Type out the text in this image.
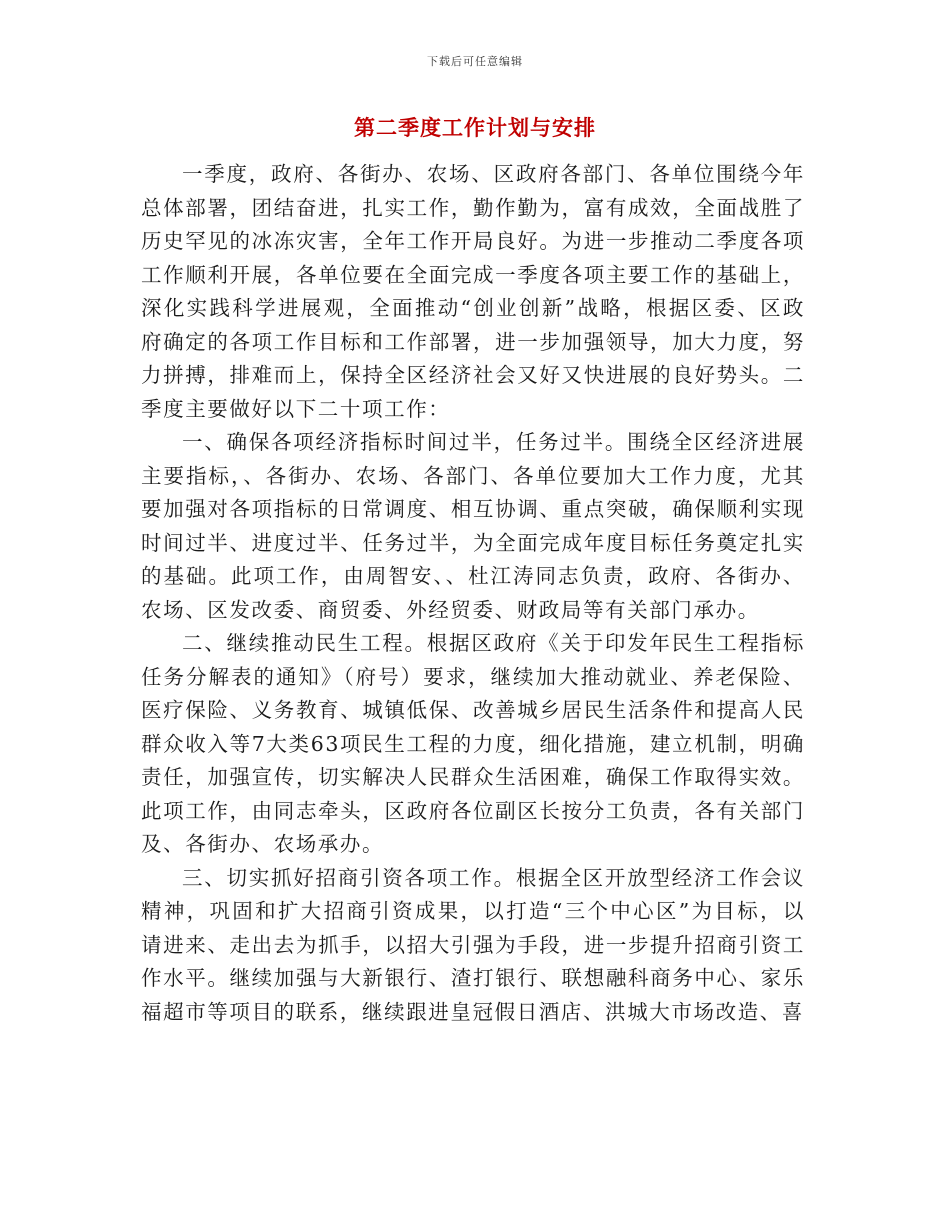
下载后可任意编辑
第二季度工作计划与安排

一季度，政府、各街办、农场、区政府各部门、各单位围绕今年总体部署，团结奋进，扎实工作，勤作勤为，富有成效，全面战胜了历史罕见的冰冻灾害，全年工作开局良好。为进一步推动二季度各项工作顺利开展，各单位要在全面完成一季度各项主要工作的基础上，深化实践科学进展观，全面推动“创业创新”战略，根据区委、区政府确定的各项工作目标和工作部署，进一步加强领导，加大力度，努力拼搏，排难而上，保持全区经济社会又好又快进展的良好势头。二季度主要做好以下二十项工作：

一、确保各项经济指标时间过半，任务过半。围绕全区经济进展主要指标，、各街办、农场、各部门、各单位要加大工作力度，尤其要加强对各项指标的日常调度、相互协调、重点突破，确保顺利实现时间过半、进度过半、任务过半，为全面完成年度目标任务奠定扎实的基础。此项工作，由周智安、、杜江涛同志负责，政府、各街办、农场、区发改委、商贸委、外经贸委、财政局等有关部门承办。

二、继续推动民生工程。根据区政府《关于印发年民生工程指标任务分解表的通知》（府号）要求，继续加大推动就业、养老保险、医疗保险、义务教育、城镇低保、改善城乡居民生活条件和提高人民群众收入等7大类63项民生工程的力度，细化措施，建立机制，明确责任，加强宣传，切实解决人民群众生活困难，确保工作取得实效。此项工作，由同志牵头，区政府各位副区长按分工负责，各有关部门及、各街办、农场承办。

三、切实抓好招商引资各项工作。根据全区开放型经济工作会议精神，巩固和扩大招商引资成果，以打造“三个中心区”为目标，以请进来、走出去为抓手，以招大引强为手段，进一步提升招商引资工作水平。继续加强与大新银行、渣打银行、联想融科商务中心、家乐福超市等项目的联系，继续跟进皇冠假日酒店、洪城大市场改造、喜
